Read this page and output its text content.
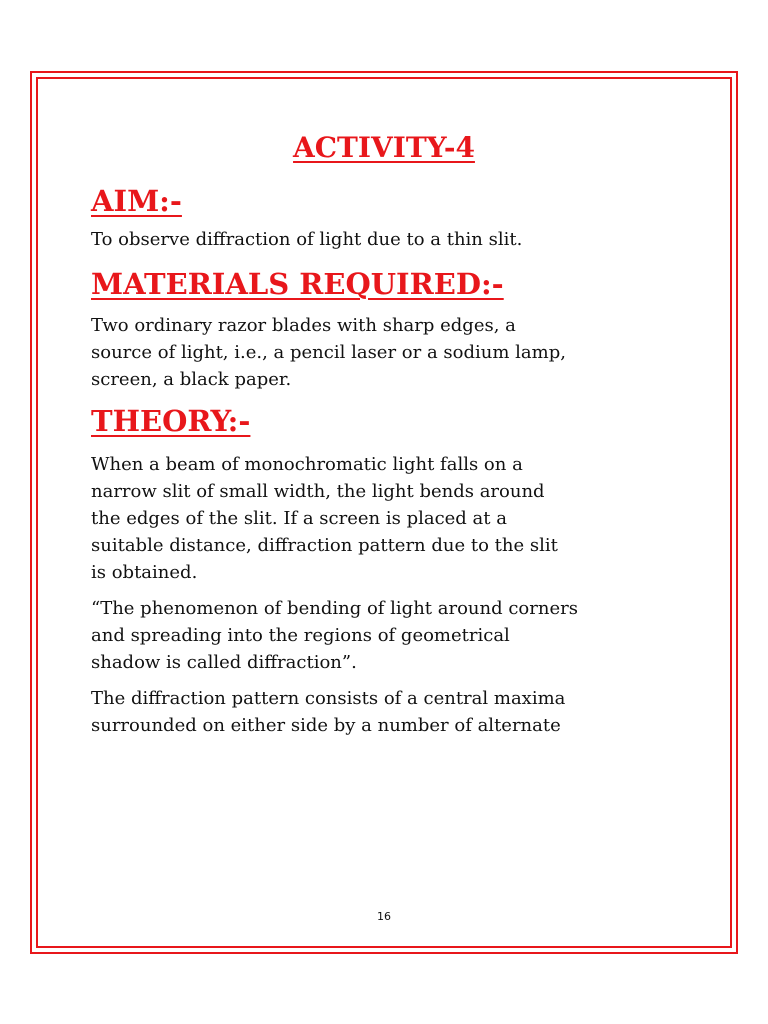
ACTIVITY-4
AIM:-

To observe diffraction of light due to a thin slit.

MATERIALS REQUIRED:-

Two ordinary razor blades with sharp edges, a
source of light, i.e., a pencil laser or a sodium lamp,
screen, a black paper.

THEORY:-

When a beam of monochromatic light falls on a
narrow slit of small width, the light bends around
the edges of the slit. If a screen is placed at a
suitable distance, diffraction pattern due to the slit
is obtained.

“The phenomenon of bending of light around corners
and spreading into the regions of geometrical
shadow is called diffraction”.

The diffraction pattern consists of a central maxima
surrounded on either side by a number of alternate

16
